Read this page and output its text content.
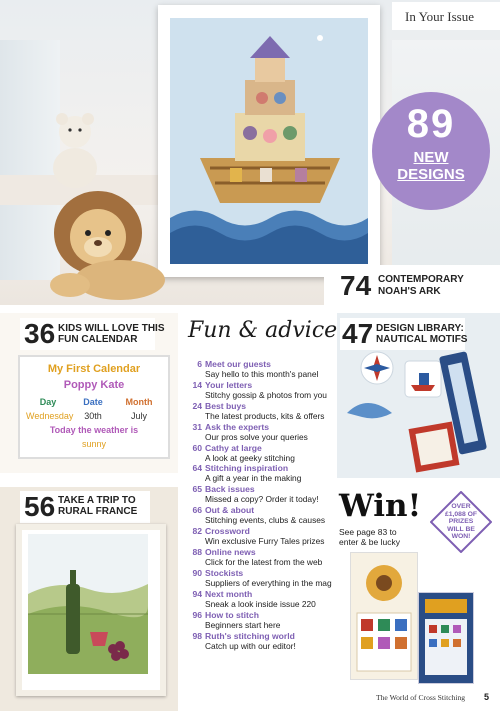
In Your Issue
89
NEW
DESIGNS
74 CONTEMPORARY
NOAH'S ARK
36 KIDS WILL LOVE THIS
FUN CALENDAR
My First Calendar
Poppy Kate
Day	Date	Month
Wednesday 30th	July
Today the weather is
sunny
56 TAKE A TRIP TO
RURAL FRANCE
Fun & advice
6 Meet our guests
Say hello to this month's panel
14 Your letters
Stitchy gossip & photos from you
24 Best buys
The latest products, kits & offers
31 Ask the experts
Our pros solve your queries
60 Cathy at large
A look at geeky stitching
64 Stitching inspiration
A gift a year in the making
65 Back issues
Missed a copy? Order it today!
66 Out & about
Stitching events, clubs & causes
82 Crossword
Win exclusive Furry Tales prizes
88 Online news
Click for the latest from the web
90 Stockists
Suppliers of everything in the mag
94 Next month
Sneak a look inside issue 220
96 How to stitch
Beginners start here
98 Ruth's stitching world
Catch up with our editor!
47 DESIGN LIBRARY:
NAUTICAL MOTIFS
Win!
See page 83 to enter & be lucky
OVER
£1,088 OF
PRIZES
WILL BE
WON!
The World of Cross Stitching 5
